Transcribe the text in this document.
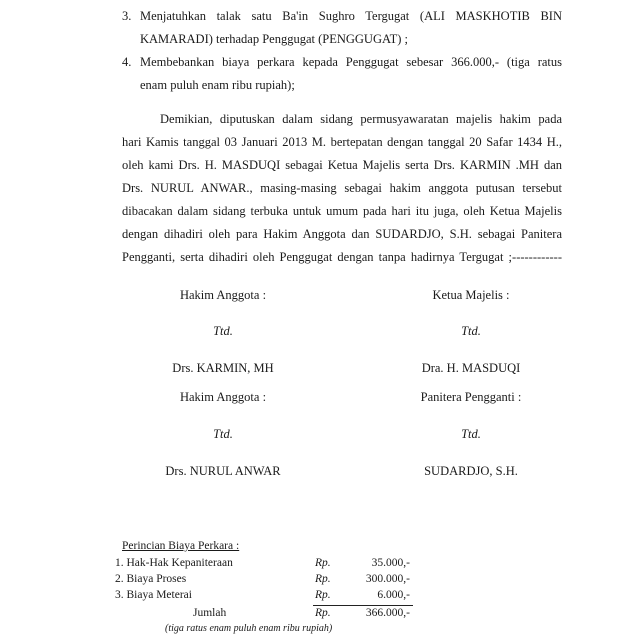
3. Menjatuhkan talak satu Ba'in Sughro Tergugat (ALI MASKHOTIB BIN
KAMARADI) terhadap Penggugat (PENGGUGAT) ;
4. Membebankan biaya perkara kepada Penggugat sebesar 366.000,- (tiga ratus
enam puluh enam ribu rupiah);
Demikian, diputuskan dalam sidang permusyawaratan majelis hakim pada
hari Kamis tanggal 03 Januari 2013 M. bertepatan dengan tanggal 20 Safar 1434 H.,
oleh kami Drs. H. MASDUQI sebagai Ketua Majelis serta Drs. KARMIN .MH dan
Drs. NURUL ANWAR., masing-masing sebagai hakim anggota putusan tersebut
dibacakan dalam sidang terbuka untuk umum pada hari itu juga, oleh Ketua Majelis
dengan dihadiri oleh para Hakim Anggota dan SUDARDJO, S.H. sebagai Panitera
Pengganti, serta dihadiri oleh Penggugat dengan tanpa hadirnya Tergugat ;------------
Hakim Anggota :	Ketua Majelis :
Ttd.	Ttd.
Drs. KARMIN, MH	Dra. H. MASDUQI
Hakim Anggota :	Panitera Pengganti :
Ttd.	Ttd.
Drs. NURUL ANWAR	SUDARDJO, S.H.
Perincian Biaya Perkara :
1. Hak-Hak Kepaniteraan	Rp.	35.000,-
2. Biaya Proses	Rp.	300.000,-
3. Biaya Meterai	Rp.	6.000,-
Jumlah	Rp.	366.000,-
(tiga ratus enam puluh enam ribu rupiah)
